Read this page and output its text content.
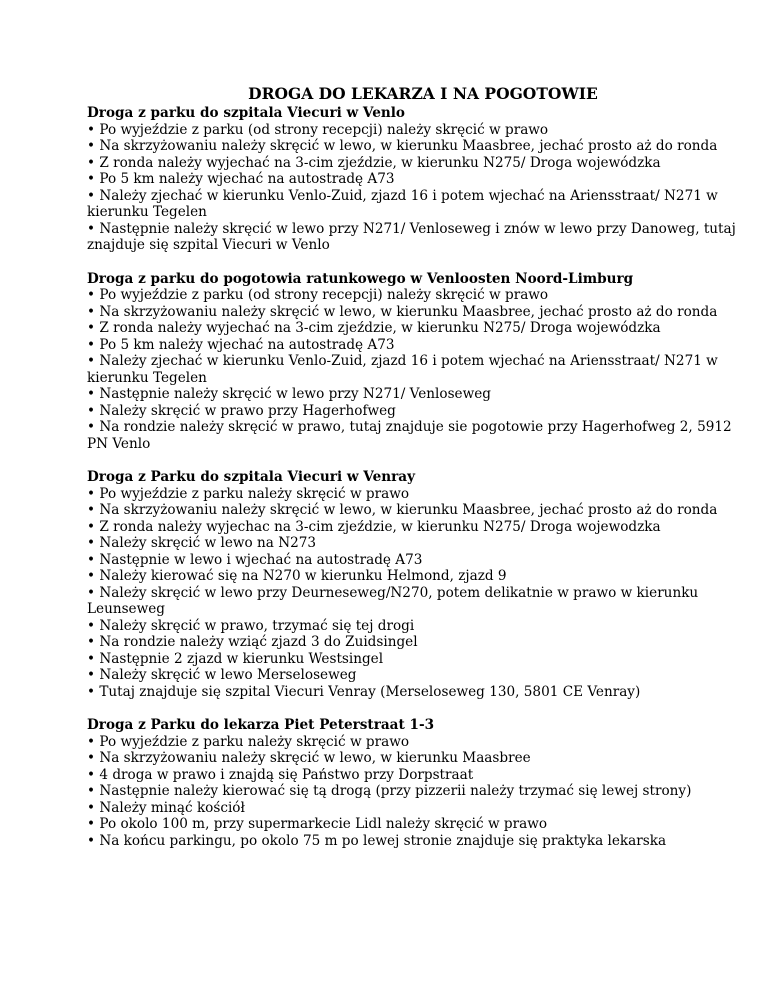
DROGA DO LEKARZA I NA POGOTOWIE
Droga z parku do szpitala Viecuri w Venlo
• Po wyjeździe z parku (od strony recepcji) należy skręcić w prawo
• Na skrzyżowaniu należy skręcić w lewo, w kierunku Maasbree, jechać prosto aż do ronda
• Z ronda należy wyjechać na 3-cim zjeździe, w kierunku N275/ Droga wojewódzka
• Po 5 km należy wjechać na autostradę A73
• Należy zjechać w kierunku Venlo-Zuid, zjazd 16 i potem wjechać na Ariensstraat/ N271 w kierunku Tegelen
• Następnie należy skręcić w lewo przy N271/ Venloseweg i znów w lewo przy Danoweg, tutaj znajduje się szpital Viecuri w Venlo
Droga z parku do pogotowia ratunkowego w Venloosten Noord-Limburg
• Po wyjeździe z parku (od strony recepcji) należy skręcić w prawo
• Na skrzyżowaniu należy skręcić w lewo, w kierunku Maasbree, jechać prosto aż do ronda
• Z ronda należy wyjechać na 3-cim zjeździe, w kierunku N275/ Droga wojewódzka
• Po 5 km należy wjechać na autostradę A73
• Należy zjechać w kierunku Venlo-Zuid, zjazd 16 i potem wjechać na Ariensstraat/ N271 w kierunku Tegelen
• Następnie należy skręcić w lewo przy N271/ Venloseweg
• Należy skręcić w prawo przy Hagerhofweg
• Na rondzie należy skręcić w prawo, tutaj znajduje sie pogotowie przy Hagerhofweg 2, 5912 PN Venlo
Droga z Parku do szpitala Viecuri w Venray
• Po wyjeździe z parku należy skręcić w prawo
• Na skrzyżowaniu należy skręcić w lewo, w kierunku Maasbree, jechać prosto aż do ronda
• Z ronda należy wyjechac na 3-cim zjeździe, w kierunku N275/ Droga wojewodzka
• Należy skręcić w lewo na N273
• Następnie w lewo i wjechać na autostradę A73
• Należy kierować się na N270 w kierunku Helmond, zjazd 9
• Należy skręcić w lewo przy Deurneseweg/N270, potem delikatnie w prawo w kierunku Leunseweg
• Należy skręcić w prawo, trzymać się tej drogi
• Na rondzie należy wziąć zjazd 3 do Zuidsingel
• Następnie 2 zjazd w kierunku Westsingel
• Należy skręcić w lewo Merseloseweg
• Tutaj znajduje się szpital Viecuri Venray (Merseloseweg 130, 5801 CE Venray)
Droga z Parku do lekarza Piet Peterstraat 1-3
• Po wyjeździe z parku należy skręcić w prawo
• Na skrzyżowaniu należy skręcić w lewo, w kierunku Maasbree
• 4 droga w prawo i znajdą się Państwo przy Dorpstraat
• Następnie należy kierować się tą drogą (przy pizzerii należy trzymać się lewej strony)
• Należy minąć kościół
• Po okolo 100 m, przy supermarkecie Lidl należy skręcić w prawo
• Na końcu parkingu, po okolo 75 m po lewej stronie znajduje się praktyka lekarska
